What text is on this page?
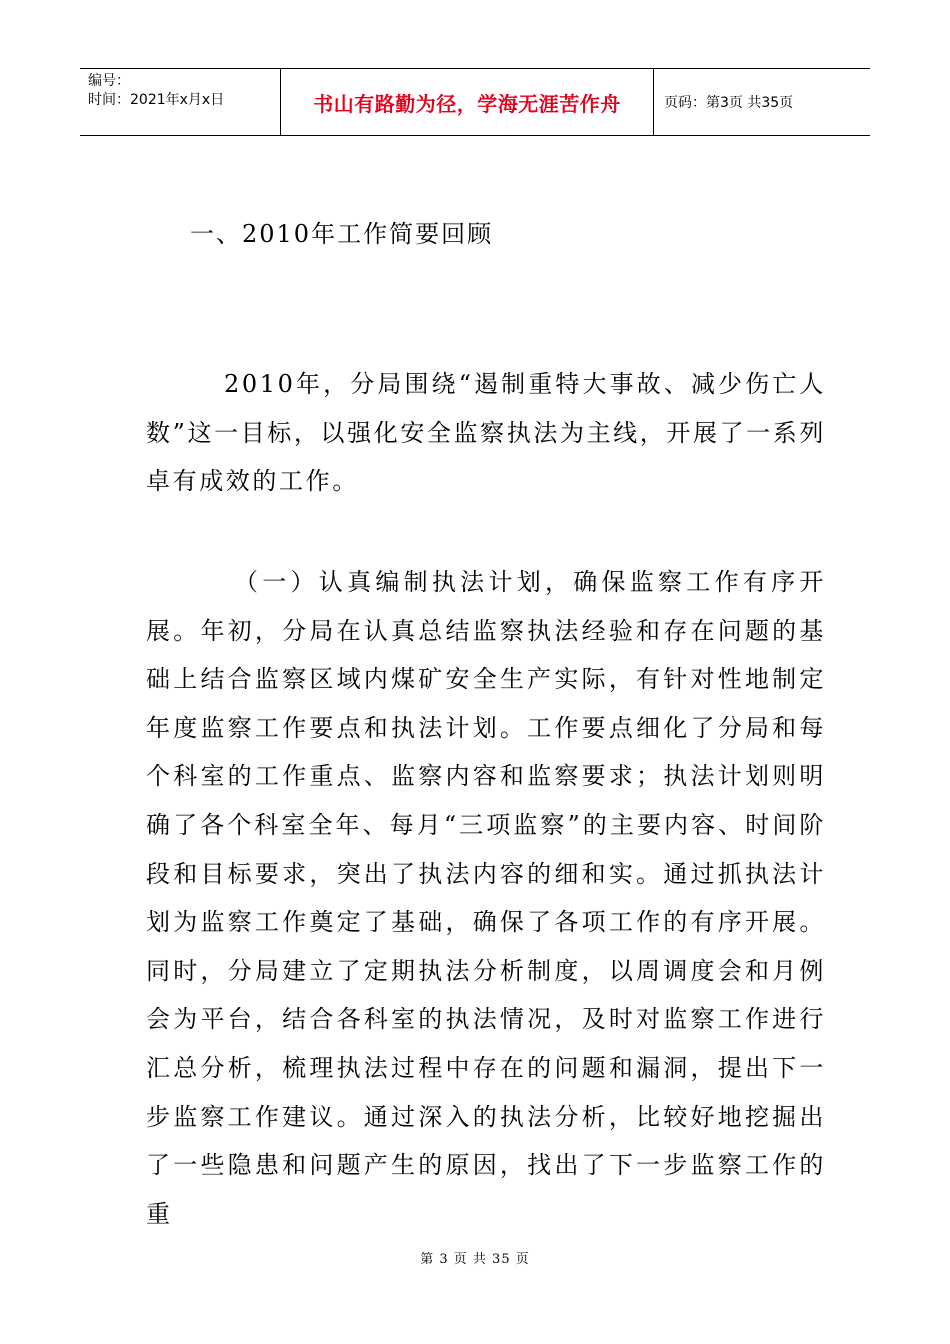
编号：
时间：2021年x月x日	书山有路勤为径，学海无涯苦作舟	页码：第3页 共35页
一、2010年工作简要回顾
2010年，分局围绕“遏制重特大事故、减少伤亡人数”这一目标，以强化安全监察执法为主线，开展了一系列卓有成效的工作。
（一）认真编制执法计划，确保监察工作有序开展。年初，分局在认真总结监察执法经验和存在问题的基础上结合监察区域内煤矿安全生产实际，有针对性地制定年度监察工作要点和执法计划。工作要点细化了分局和每个科室的工作重点、监察内容和监察要求；执法计划则明确了各个科室全年、每月“三项监察”的主要内容、时间阶段和目标要求，突出了执法内容的细和实。通过抓执法计划为监察工作奠定了基础，确保了各项工作的有序开展。同时，分局建立了定期执法分析制度，以周调度会和月例会为平台，结合各科室的执法情况，及时对监察工作进行汇总分析，梳理执法过程中存在的问题和漏洞，提出下一步监察工作建议。通过深入的执法分析，比较好地挖掘出了一些隐患和问题产生的原因，找出了下一步监察工作的重
第 3 页 共 35 页
